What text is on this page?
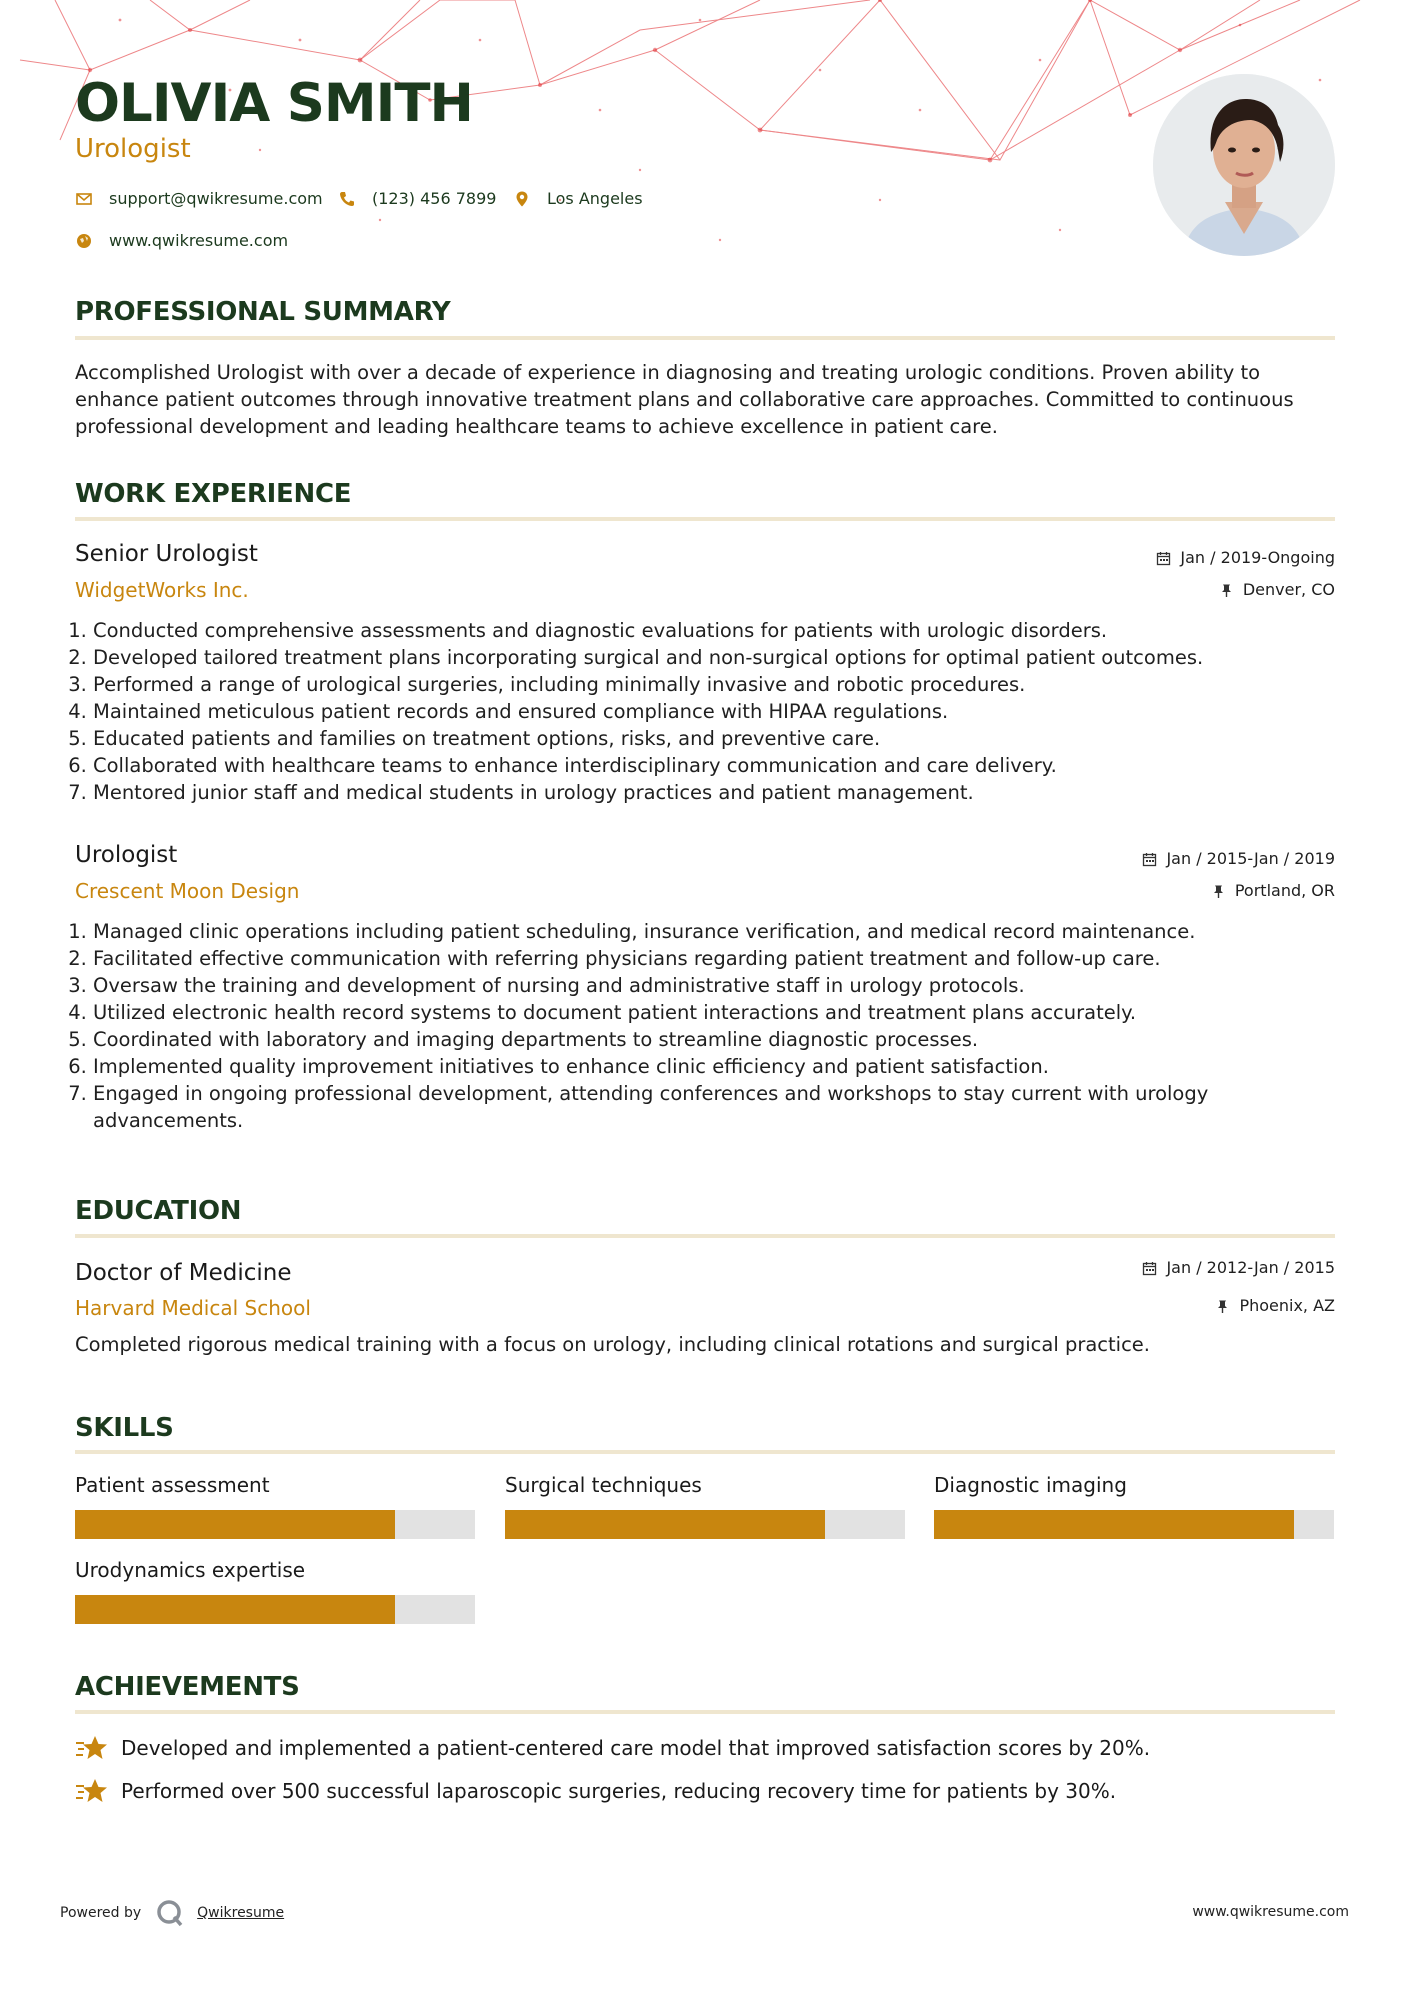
OLIVIA SMITH
Urologist
support@qwikresume.com	(123) 456 7899	Los Angeles
www.qwikresume.com
PROFESSIONAL SUMMARY
Accomplished Urologist with over a decade of experience in diagnosing and treating urologic conditions. Proven ability to enhance patient outcomes through innovative treatment plans and collaborative care approaches. Committed to continuous professional development and leading healthcare teams to achieve excellence in patient care.
WORK EXPERIENCE
Senior Urologist
WidgetWorks Inc.
Jan / 2019-Ongoing
Denver, CO
1. Conducted comprehensive assessments and diagnostic evaluations for patients with urologic disorders.
2. Developed tailored treatment plans incorporating surgical and non-surgical options for optimal patient outcomes.
3. Performed a range of urological surgeries, including minimally invasive and robotic procedures.
4. Maintained meticulous patient records and ensured compliance with HIPAA regulations.
5. Educated patients and families on treatment options, risks, and preventive care.
6. Collaborated with healthcare teams to enhance interdisciplinary communication and care delivery.
7. Mentored junior staff and medical students in urology practices and patient management.
Urologist
Crescent Moon Design
Jan / 2015-Jan / 2019
Portland, OR
1. Managed clinic operations including patient scheduling, insurance verification, and medical record maintenance.
2. Facilitated effective communication with referring physicians regarding patient treatment and follow-up care.
3. Oversaw the training and development of nursing and administrative staff in urology protocols.
4. Utilized electronic health record systems to document patient interactions and treatment plans accurately.
5. Coordinated with laboratory and imaging departments to streamline diagnostic processes.
6. Implemented quality improvement initiatives to enhance clinic efficiency and patient satisfaction.
7. Engaged in ongoing professional development, attending conferences and workshops to stay current with urology advancements.
EDUCATION
Doctor of Medicine
Harvard Medical School
Jan / 2012-Jan / 2015
Phoenix, AZ
Completed rigorous medical training with a focus on urology, including clinical rotations and surgical practice.
SKILLS
Patient assessment	Surgical techniques	Diagnostic imaging
Urodynamics expertise
ACHIEVEMENTS
Developed and implemented a patient-centered care model that improved satisfaction scores by 20%.
Performed over 500 successful laparoscopic surgeries, reducing recovery time for patients by 30%.
Powered by	Qwikresume	www.qwikresume.com
